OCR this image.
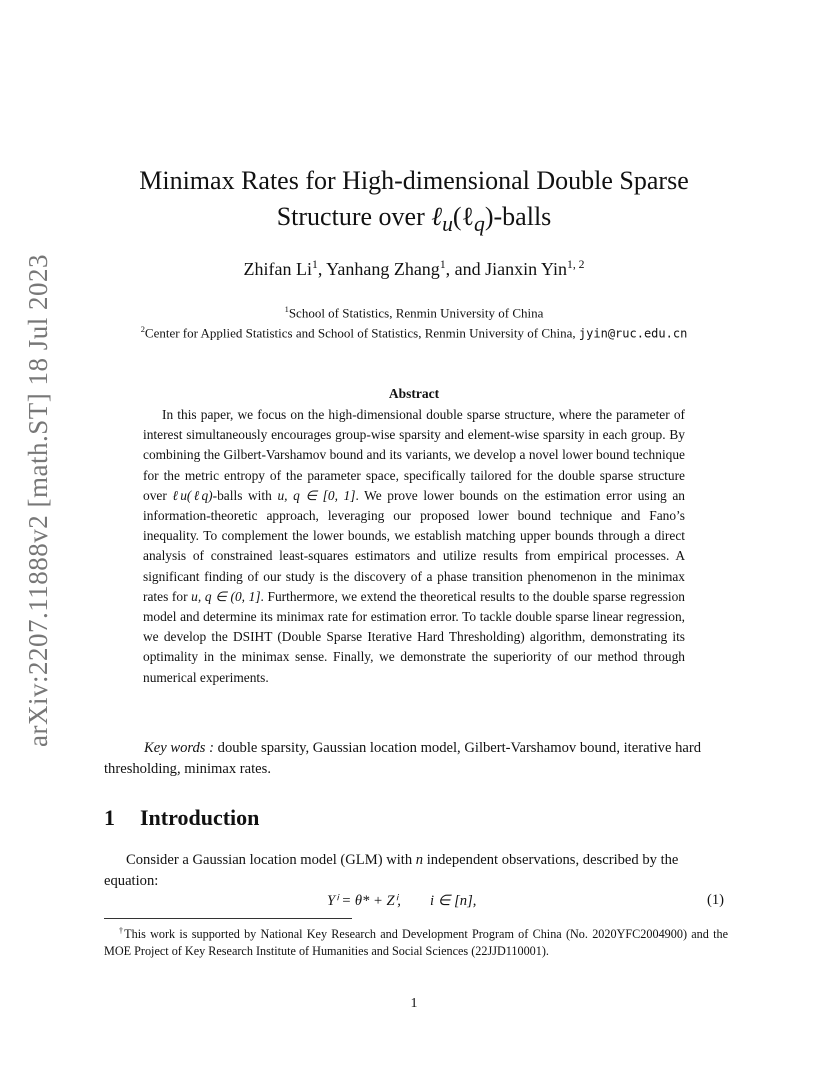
arXiv:2207.11888v2 [math.ST] 18 Jul 2023
Minimax Rates for High-dimensional Double Sparse
Structure over ℓ$_u$(ℓ$_q$)-balls
Zhifan Li$^1$, Yanhang Zhang$^1$, and Jianxin Yin$^{1, 2}$
$^1$School of Statistics, Renmin University of China
$^2$Center for Applied Statistics and School of Statistics, Renmin University of China, jyin@ruc.edu.cn
Abstract

In this paper, we focus on the high-dimensional double sparse structure, where the parameter of interest simultaneously encourages group-wise sparsity and element-wise sparsity in each group. By combining the Gilbert-Varshamov bound and its variants, we develop a novel lower bound technique for the metric entropy of the parameter space, specifically tailored for the double sparse structure over ℓu(ℓq)-balls with u, q ∈ [0, 1]. We prove lower bounds on the estimation error using an information-theoretic approach, leveraging our proposed lower bound technique and Fano’s inequality. To complement the lower bounds, we establish matching upper bounds through a direct analysis of constrained least-squares estimators and utilize results from empirical processes. A significant finding of our study is the discovery of a phase transition phenomenon in the minimax rates for u, q ∈ (0, 1]. Furthermore, we extend the theoretical results to the double sparse regression model and determine its minimax rate for estimation error. To tackle double sparse linear regression, we develop the DSIHT (Double Sparse Iterative Hard Thresholding) algorithm, demonstrating its optimality in the minimax sense. Finally, we demonstrate the superiority of our method through numerical experiments.

Key words : double sparsity, Gaussian location model, Gilbert-Varshamov bound, iterative hard thresholding, minimax rates.

1 Introduction

Consider a Gaussian location model (GLM) with n independent observations, described by the equation:

Yⁱ = θ* + Zⁱ,        i ∈ [n],	(1)

†This work is supported by National Key Research and Development Program of China (No. 2020YFC2004900) and the MOE Project of Key Research Institute of Humanities and Social Sciences (22JJD110001).

1
